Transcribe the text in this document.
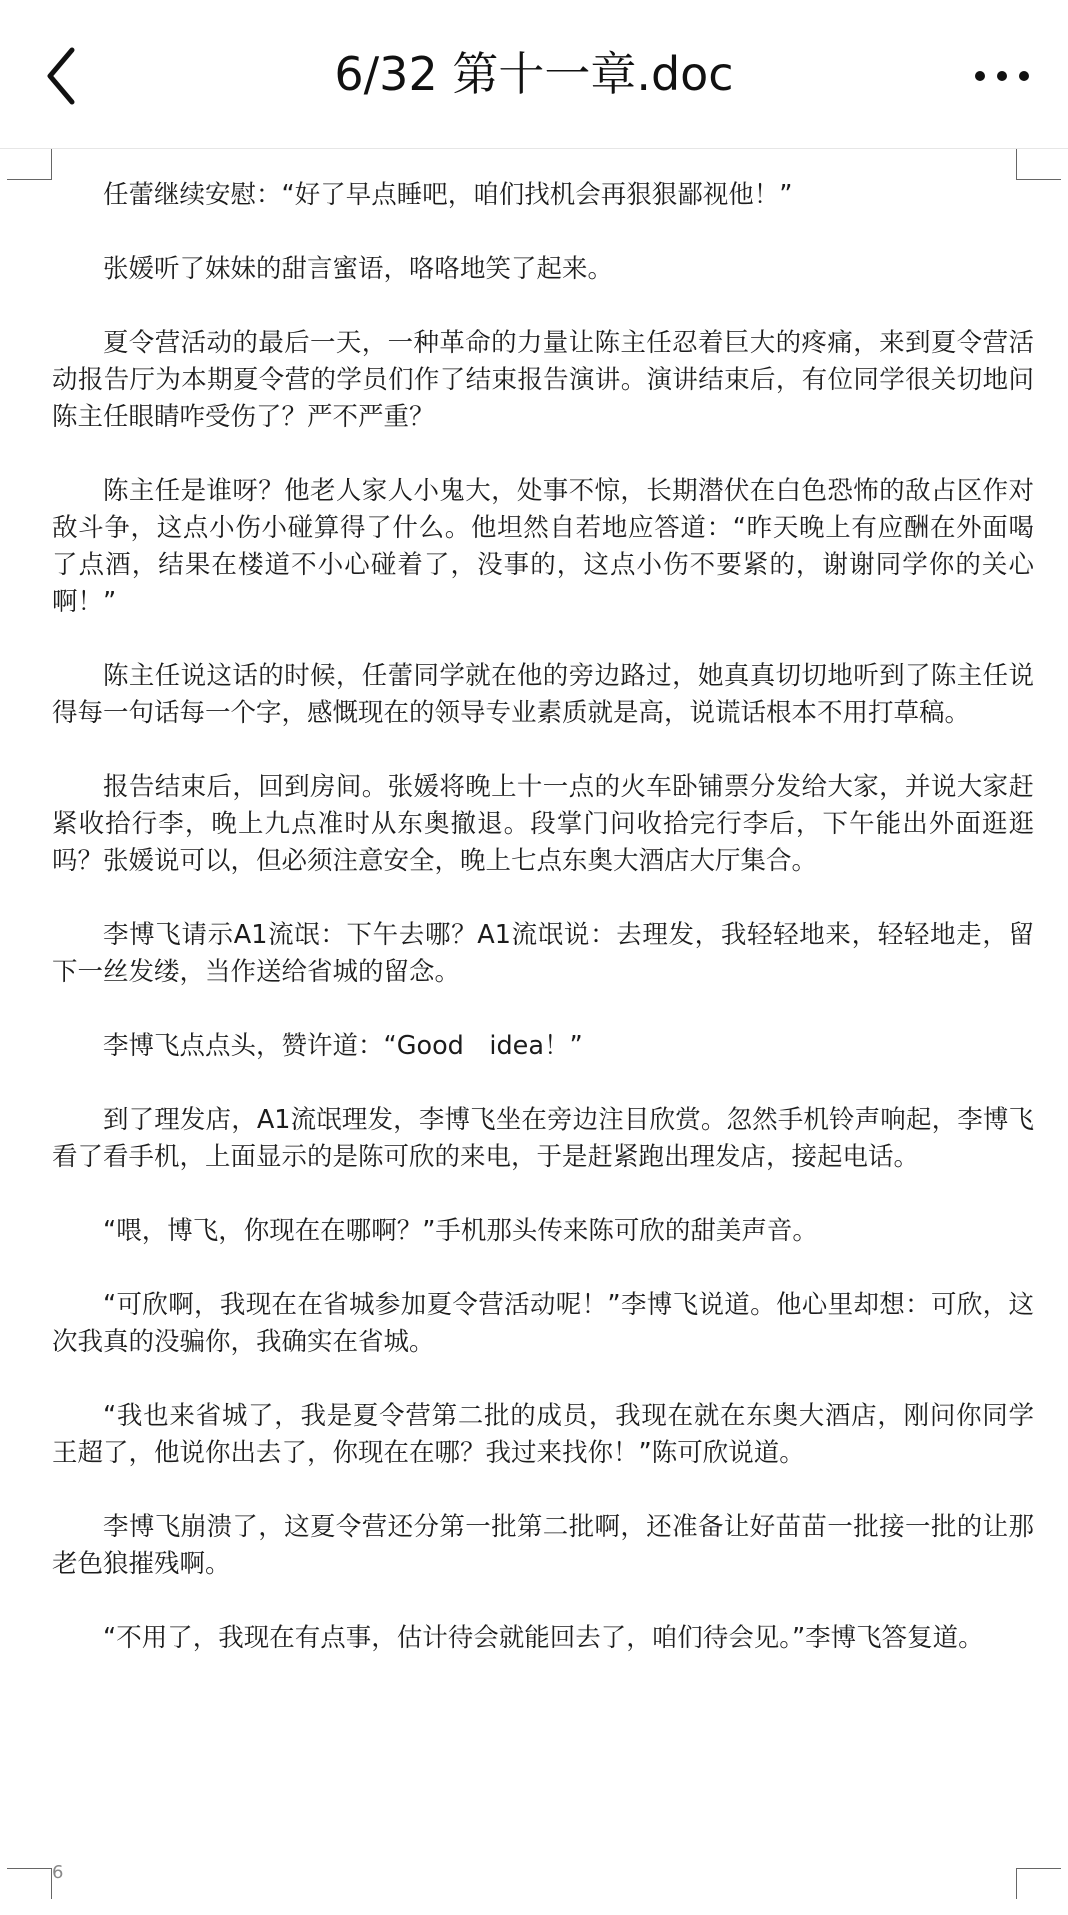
6/32 第十一章.doc

任蕾继续安慰：“好了早点睡吧，咱们找机会再狠狠鄙视他！”

张媛听了妹妹的甜言蜜语，咯咯地笑了起来。

夏令营活动的最后一天，一种革命的力量让陈主任忍着巨大的疼痛，来到夏令营活动报告厅为本期夏令营的学员们作了结束报告演讲。演讲结束后，有位同学很关切地问陈主任眼睛咋受伤了？严不严重？

陈主任是谁呀？他老人家人小鬼大，处事不惊，长期潜伏在白色恐怖的敌占区作对敌斗争，这点小伤小碰算得了什么。他坦然自若地应答道：“昨天晚上有应酬在外面喝了点酒，结果在楼道不小心碰着了，没事的，这点小伤不要紧的，谢谢同学你的关心啊！”

陈主任说这话的时候，任蕾同学就在他的旁边路过，她真真切切地听到了陈主任说得每一句话每一个字，感慨现在的领导专业素质就是高，说谎话根本不用打草稿。

报告结束后，回到房间。张媛将晚上十一点的火车卧铺票分发给大家，并说大家赶紧收拾行李，晚上九点准时从东奥撤退。段掌门问收拾完行李后，下午能出外面逛逛吗？张媛说可以，但必须注意安全，晚上七点东奥大酒店大厅集合。

李博飞请示A1流氓：下午去哪？A1流氓说：去理发，我轻轻地来，轻轻地走，留下一丝发缕，当作送给省城的留念。

李博飞点点头，赞许道：“Good　idea！”

到了理发店，A1流氓理发，李博飞坐在旁边注目欣赏。忽然手机铃声响起，李博飞看了看手机，上面显示的是陈可欣的来电，于是赶紧跑出理发店，接起电话。

“喂，博飞，你现在在哪啊？”手机那头传来陈可欣的甜美声音。

“可欣啊，我现在在省城参加夏令营活动呢！”李博飞说道。他心里却想：可欣，这次我真的没骗你，我确实在省城。

“我也来省城了，我是夏令营第二批的成员，我现在就在东奥大酒店，刚问你同学王超了，他说你出去了，你现在在哪？我过来找你！”陈可欣说道。

李博飞崩溃了，这夏令营还分第一批第二批啊，还准备让好苗苗一批接一批的让那老色狼摧残啊。

“不用了，我现在有点事，估计待会就能回去了，咱们待会见。”李博飞答复道。

6
